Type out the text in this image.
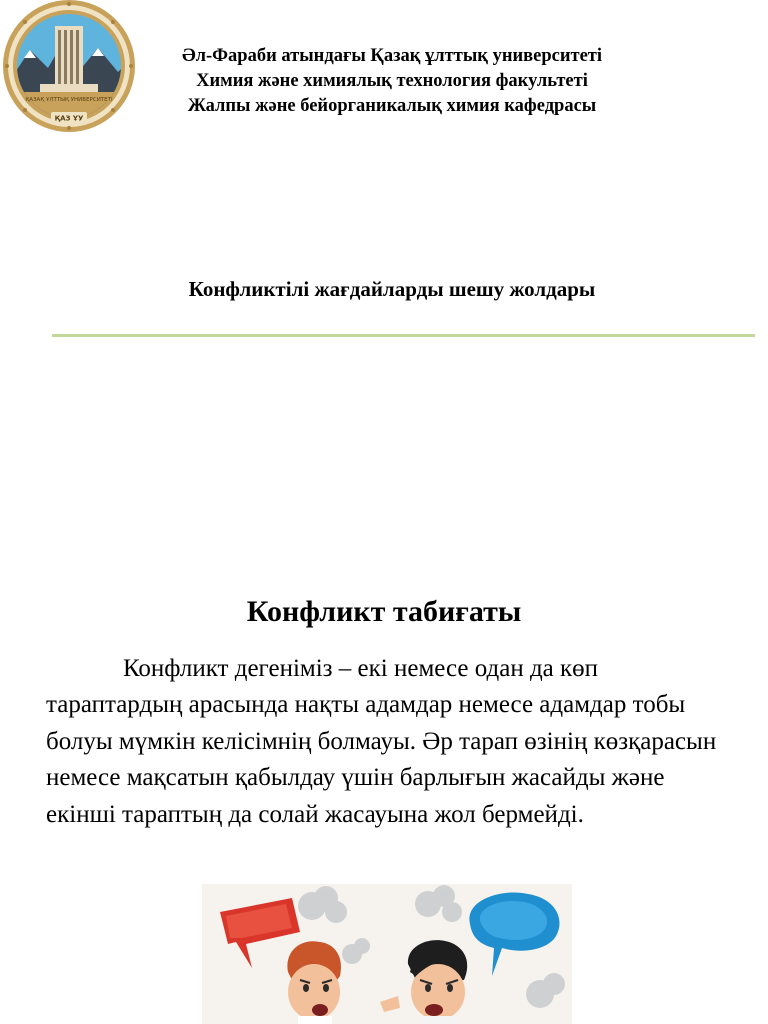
ҚАЗАҚ ҰЛТТЫҚ УНИВЕРСИТЕТІ
ҚАЗ ҰУ
Әл-Фараби атындағы Қазақ ұлттық университеті
Химия және химиялық технология факультеті
Жалпы және бейорганикалық химия кафедрасы
Конфликтілі жағдайларды шешу жолдары
Конфликт табиғаты
Конфликт дегеніміз – екі немесе одан да көп тараптардың арасында нақты адамдар немесе адамдар тобы болуы мүмкін келісімнің болмауы. Әр тарап өзінің көзқарасын немесе мақсатын қабылдау үшін барлығын жасайды және екінші тараптың да солай жасауына жол бермейді.
